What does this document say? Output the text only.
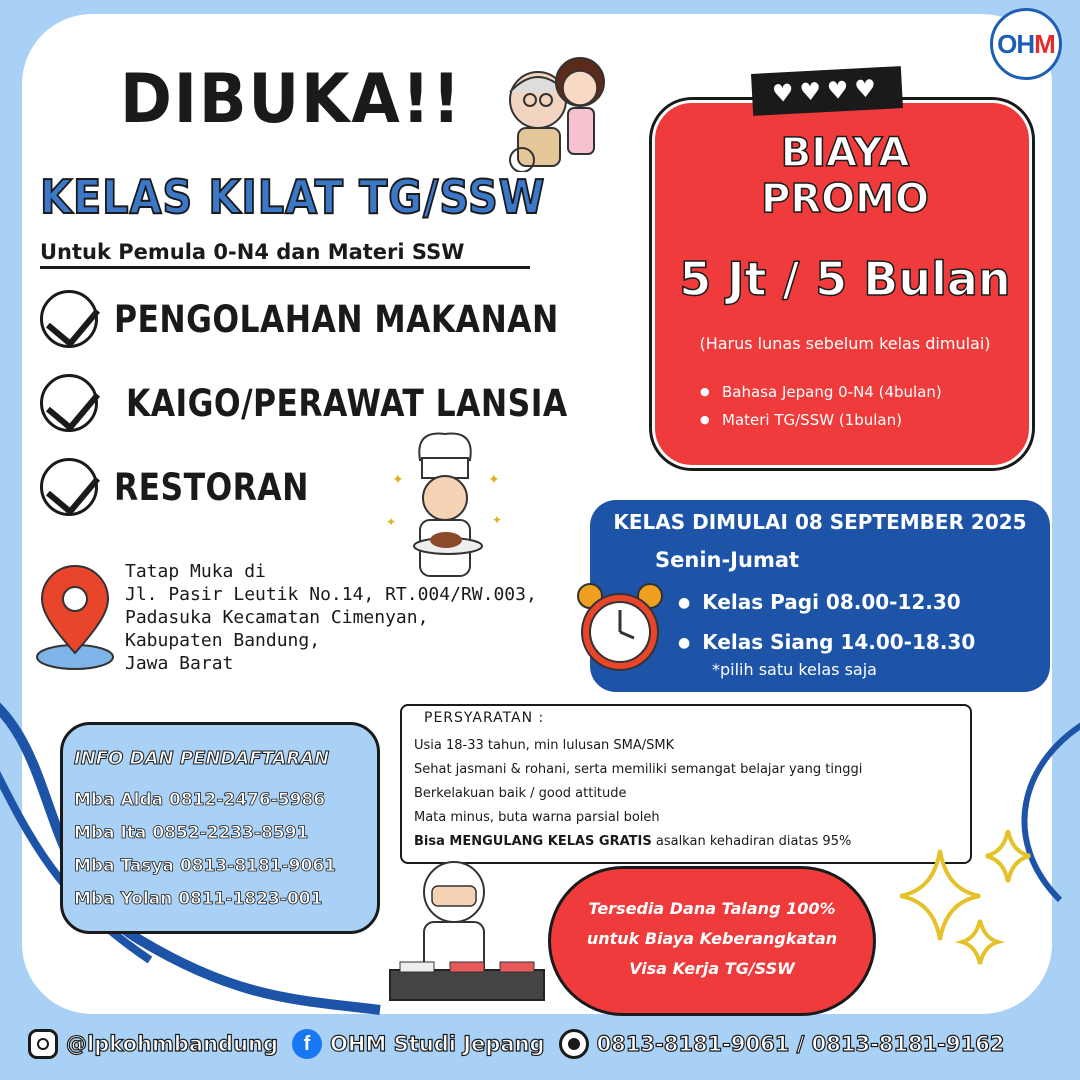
O H M
DIBUKA!!
KELAS KILAT TG/SSW
Untuk Pemula 0-N4 dan Materi SSW
PENGOLAHAN MAKANAN
KAIGO/PERAWAT LANSIA
RESTORAN	✦	✦
✦	✦
♥♥♥♥
BIAYA
PROMO
5 Jt / 5 Bulan
(Harus lunas sebelum kelas dimulai)
● Bahasa Jepang 0-N4 (4bulan)
● Materi TG/SSW (1bulan)
KELAS DIMULAI 08 SEPTEMBER 2025
Senin-Jumat
● Kelas Pagi 08.00-12.30
● Kelas Siang 14.00-18.30
*pilih satu kelas saja
Tatap Muka di
Jl. Pasir Leutik No.14, RT.004/RW.003,
Padasuka Kecamatan Cimenyan,
Kabupaten Bandung,
Jawa Barat
INFO DAN PENDAFTARAN
Mba Alda 0812-2476-5986
Mba Ita 0852-2233-8591
Mba Tasya 0813-8181-9061
Mba Yolan 0811-1823-001
PERSYARATAN :
Usia 18-33 tahun, min lulusan SMA/SMK
Sehat jasmani & rohani, serta memiliki semangat belajar yang tinggi
Berkelakuan baik / good attitude
Mata minus, buta warna parsial boleh
Bisa MENGULANG KELAS GRATIS asalkan kehadiran diatas 95%
Tersedia Dana Talang 100%
untuk Biaya Keberangkatan
Visa Kerja TG/SSW
@lpkohmbandung	f OHM Studi Jepang 0813-8181-9061 / 0813-8181-9162
